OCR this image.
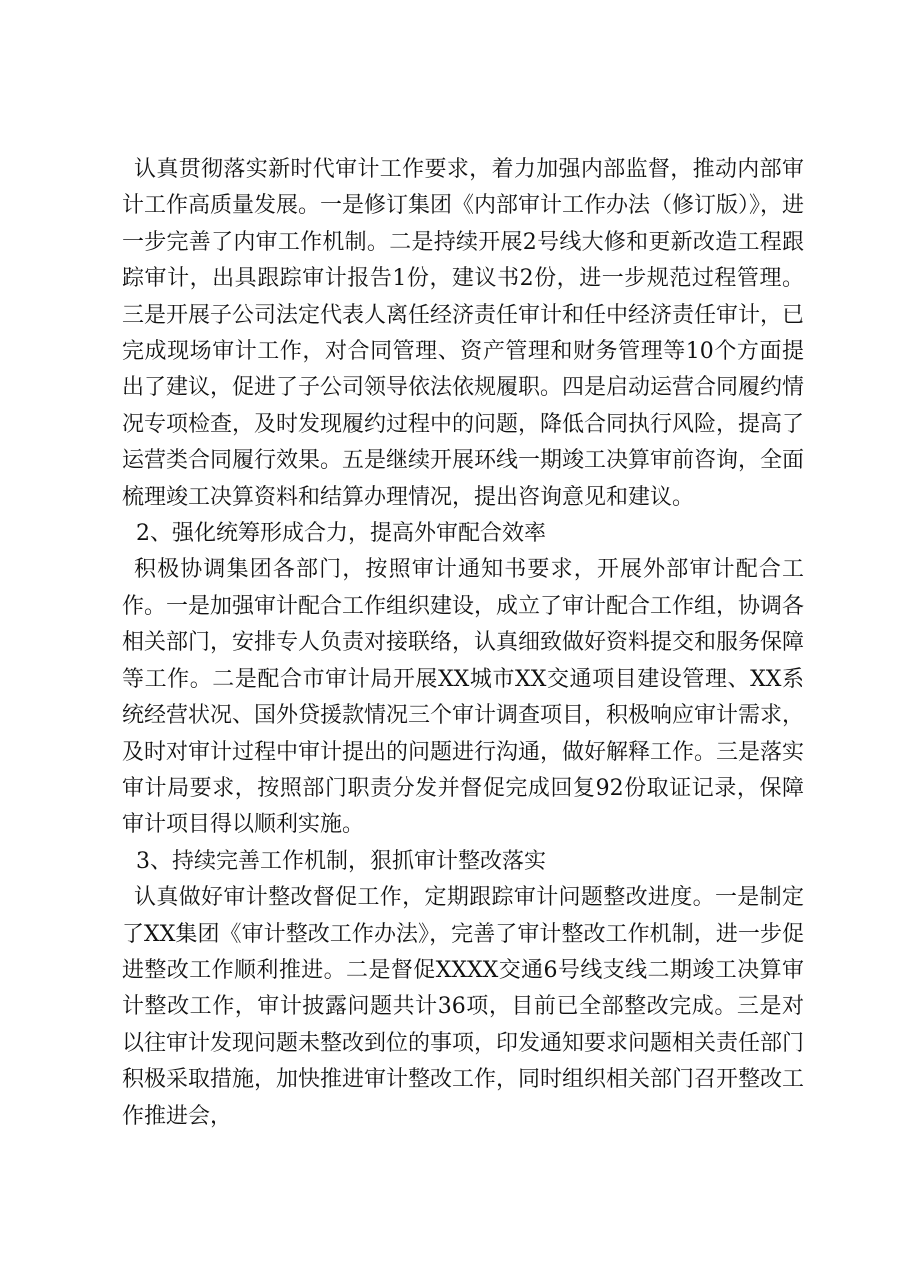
认真贯彻落实新时代审计工作要求，着力加强内部监督，推动内部审计工作高质量发展。一是修订集团《内部审计工作办法（修订版）》，进一步完善了内审工作机制。二是持续开展2号线大修和更新改造工程跟踪审计，出具跟踪审计报告1份，建议书2份，进一步规范过程管理。三是开展子公司法定代表人离任经济责任审计和任中经济责任审计，已完成现场审计工作，对合同管理、资产管理和财务管理等10个方面提出了建议，促进了子公司领导依法依规履职。四是启动运营合同履约情况专项检查，及时发现履约过程中的问题，降低合同执行风险，提高了运营类合同履行效果。五是继续开展环线一期竣工决算审前咨询，全面梳理竣工决算资料和结算办理情况，提出咨询意见和建议。

2、强化统筹形成合力，提高外审配合效率

积极协调集团各部门，按照审计通知书要求，开展外部审计配合工作。一是加强审计配合工作组织建设，成立了审计配合工作组，协调各相关部门，安排专人负责对接联络，认真细致做好资料提交和服务保障等工作。二是配合市审计局开展XX城市XX交通项目建设管理、XX系统经营状况、国外贷援款情况三个审计调查项目，积极响应审计需求，及时对审计过程中审计提出的问题进行沟通，做好解释工作。三是落实审计局要求，按照部门职责分发并督促完成回复92份取证记录，保障审计项目得以顺利实施。

3、持续完善工作机制，狠抓审计整改落实

认真做好审计整改督促工作，定期跟踪审计问题整改进度。一是制定了XX集团《审计整改工作办法》，完善了审计整改工作机制，进一步促进整改工作顺利推进。二是督促XXXX交通6号线支线二期竣工决算审计整改工作，审计披露问题共计36项，目前已全部整改完成。三是对以往审计发现问题未整改到位的事项，印发通知要求问题相关责任部门积极采取措施，加快推进审计整改工作，同时组织相关部门召开整改工作推进会，
